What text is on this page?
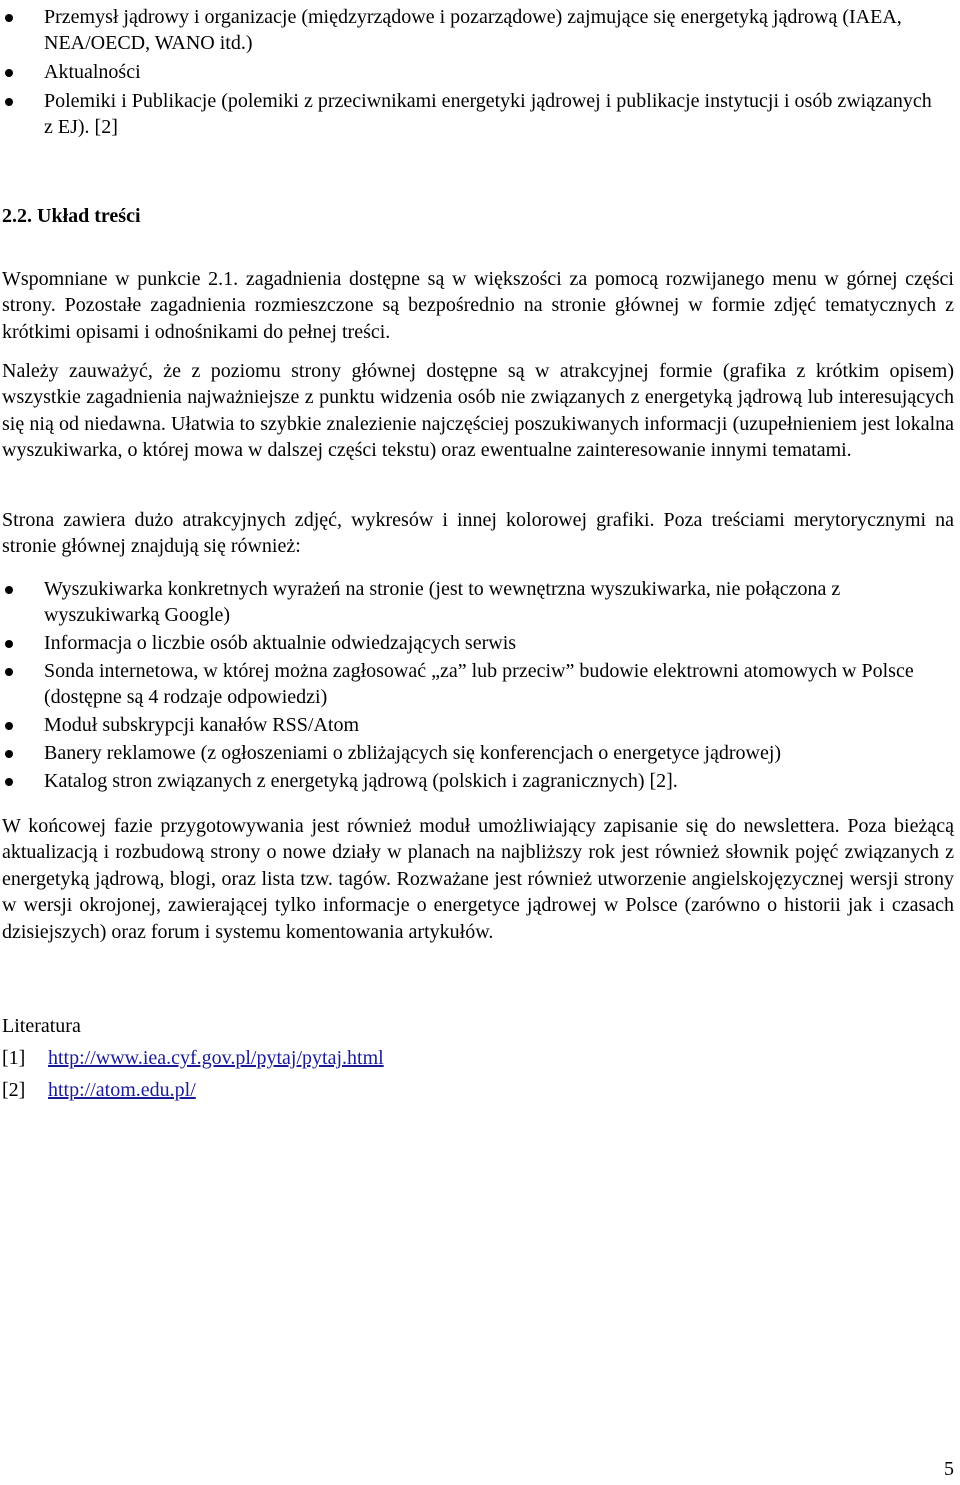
Przemysł jądrowy i organizacje (międzyrządowe i pozarządowe) zajmujące się energetyką jądrową (IAEA, NEA/OECD, WANO itd.)
Aktualności
Polemiki i Publikacje (polemiki z przeciwnikami energetyki jądrowej i publikacje instytucji i osób związanych z EJ). [2]
2.2. Układ treści

Wspomniane w punkcie 2.1. zagadnienia dostępne są w większości za pomocą rozwijanego menu w górnej części strony. Pozostałe zagadnienia rozmieszczone są bezpośrednio na stronie głównej w formie zdjęć tematycznych z krótkimi opisami i odnośnikami do pełnej treści.

Należy zauważyć, że z poziomu strony głównej dostępne są w atrakcyjnej formie (grafika z krótkim opisem) wszystkie zagadnienia najważniejsze z punktu widzenia osób nie związanych z energetyką jądrową lub interesujących się nią od niedawna. Ułatwia to szybkie znalezienie najczęściej poszukiwanych informacji (uzupełnieniem jest lokalna wyszukiwarka, o której mowa w dalszej części tekstu) oraz ewentualne zainteresowanie innymi tematami.

Strona zawiera dużo atrakcyjnych zdjęć, wykresów i innej kolorowej grafiki. Poza treściami merytorycznymi na stronie głównej znajdują się również:

Wyszukiwarka konkretnych wyrażeń na stronie (jest to wewnętrzna wyszukiwarka, nie połączona z wyszukiwarką Google)
Informacja o liczbie osób aktualnie odwiedzających serwis
Sonda internetowa, w której można zagłosować „za” lub przeciw” budowie elektrowni atomowych w Polsce (dostępne są 4 rodzaje odpowiedzi)
Moduł subskrypcji kanałów RSS/Atom
Banery reklamowe (z ogłoszeniami o zbliżających się konferencjach o energetyce jądrowej)
Katalog stron związanych z energetyką jądrową (polskich i zagranicznych) [2].

W końcowej fazie przygotowywania jest również moduł umożliwiający zapisanie się do newslettera. Poza bieżącą aktualizacją i rozbudową strony o nowe działy w planach na najbliższy rok jest również słownik pojęć związanych z energetyką jądrową, blogi, oraz lista tzw. tagów. Rozważane jest również utworzenie angielskojęzycznej wersji strony w wersji okrojonej, zawierającej tylko informacje o energetyce jądrowej w Polsce (zarówno o historii jak i czasach dzisiejszych) oraz forum i systemu komentowania artykułów.

Literatura
[1] http://www.iea.cyf.gov.pl/pytaj/pytaj.html
[2] http://atom.edu.pl/
5
